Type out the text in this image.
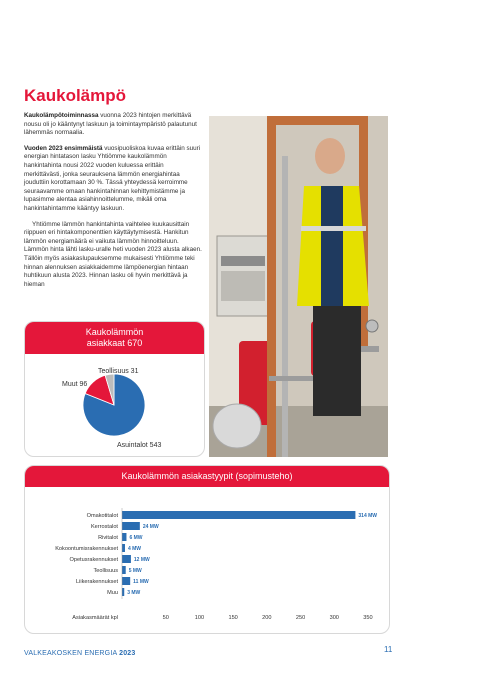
Kaukolämpö

Kaukolämpötoiminnassa vuonna 2023 hintojen merkittävä nousu oli jo kääntynyt laskuun ja toimintaympäristö palautunut lähemmäs normaalia.

Vuoden 2023 ensimmäistä vuosipuoliskoa kuvaa erittäin suuri energian hintatason lasku Yhtiömme kaukolämmön hankintahinta nousi 2022 vuoden kuluessa erittäin merkittävästi, jonka seurauksena lämmön energiahintaa jouduttiin korottamaan 30 %. Tässä yhteydessä kerroimme seuraavamme omaan hankintahinnan kehittymistämme ja lupasimme alentaa asiahinnoittelumme, mikäli oma hankintahintamme kääntyy laskuun.

Yhtiömme lämmön hankintahinta vaihtelee kuukausittain riippuen eri hintakomponenttien käyttäytymisestä. Hankitun lämmön energiamäärä ei vaikuta lämmön hinnoitteluun. Lämmön hinta lähti lasku-uralle heti vuoden 2023 alusta alkaen. Tällöin myös asiakaslupauksemme mukaisesti Yhtiömme teki hinnan alennuksen asiakkaidemme lämpöenergian hintaan huhtikuun alusta 2023. Hinnan lasku oli hyvin merkittävä ja hieman

Kaukolämmön
asiakkaat 670
Asuintalot 543
Muut 96
Teollisuus 31
Kaukolämmön asiakastyypit (sopimusteho)
Omakotitalot	314 MW
Kerrostalot	24 MW
Rivitalot 6 MW
Kokoontumisrakennukset 4 MW
Opetusrakennukset	12 MW
Teollisuus 5 MW
Liikerakennukset	11 MW
Muu 3 MW
50	100	150	200	250	300	350
Asiakasmäärät kpl
VALKEAKOSKEN ENERGIA 2023	11
